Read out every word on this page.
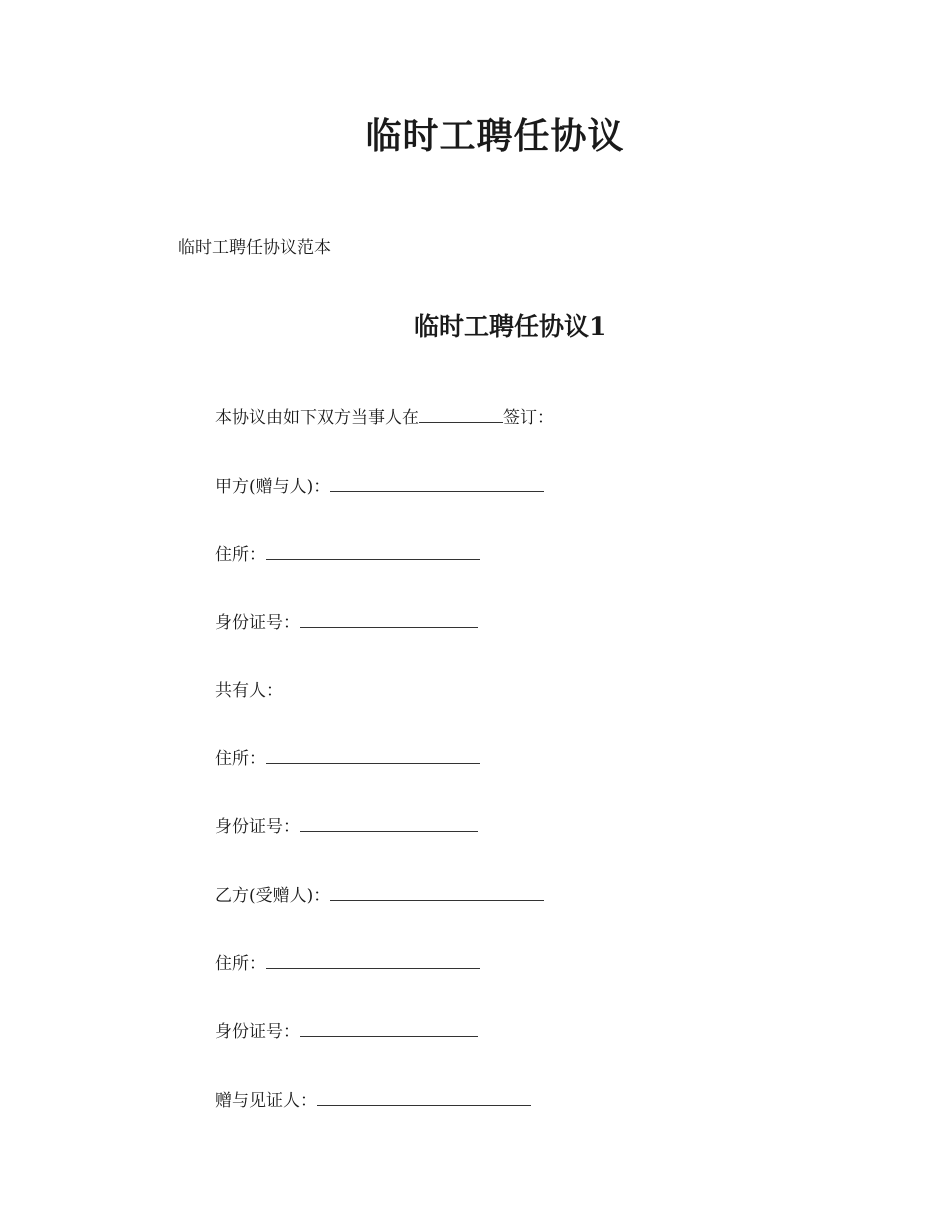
临时工聘任协议

临时工聘任协议范本

临时工聘任协议1
本协议由如下双方当事人在	签订：
甲方(赠与人)：
住所：
身份证号：
共有人：
住所：
身份证号：
乙方(受赠人)：
住所：
身份证号：
赠与见证人：
